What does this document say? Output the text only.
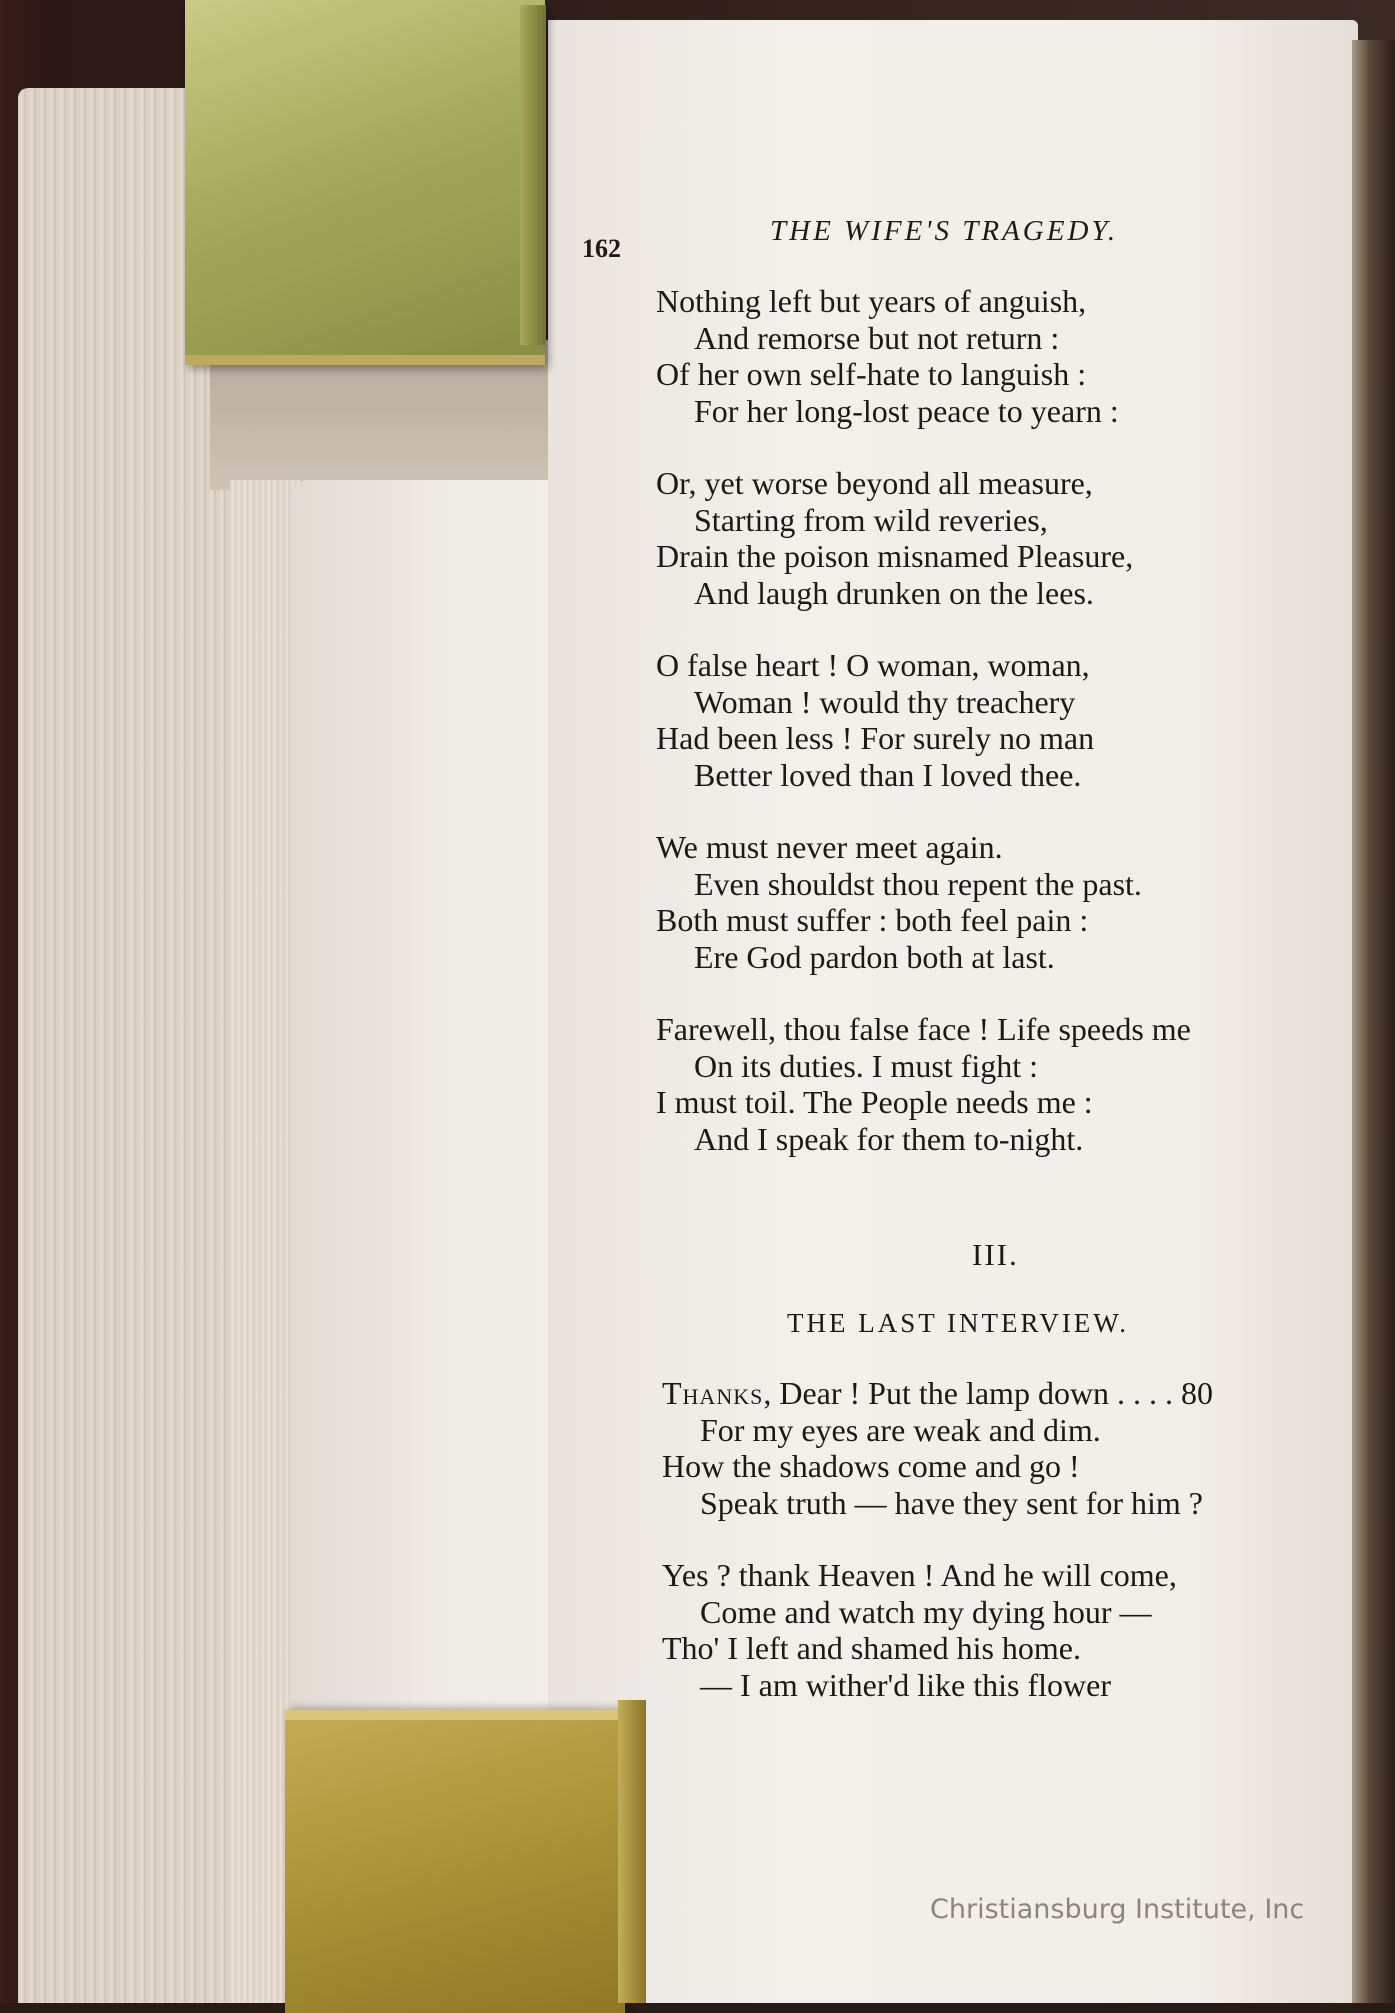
162
THE WIFE'S TRAGEDY.
Nothing left but years of anguish,
And remorse but not return :
Of her own self-hate to languish :
For her long-lost peace to yearn :
Or, yet worse beyond all measure,
Starting from wild reveries,
Drain the poison misnamed Pleasure,
And laugh drunken on the lees.
O false heart ! O woman, woman,
Woman ! would thy treachery
Had been less ! For surely no man
Better loved than I loved thee.
We must never meet again.
Even shouldst thou repent the past.
Both must suffer : both feel pain :
Ere God pardon both at last.
Farewell, thou false face ! Life speeds me
On its duties. I must fight :
I must toil. The People needs me :
And I speak for them to-night.
III.
THE LAST INTERVIEW.
Thanks, Dear ! Put the lamp down . . . . 80
For my eyes are weak and dim.
How the shadows come and go !
Speak truth — have they sent for him ?
Yes ? thank Heaven ! And he will come,
Come and watch my dying hour —
Tho' I left and shamed his home.
— I am wither'd like this flower
Christiansburg Institute, Inc
